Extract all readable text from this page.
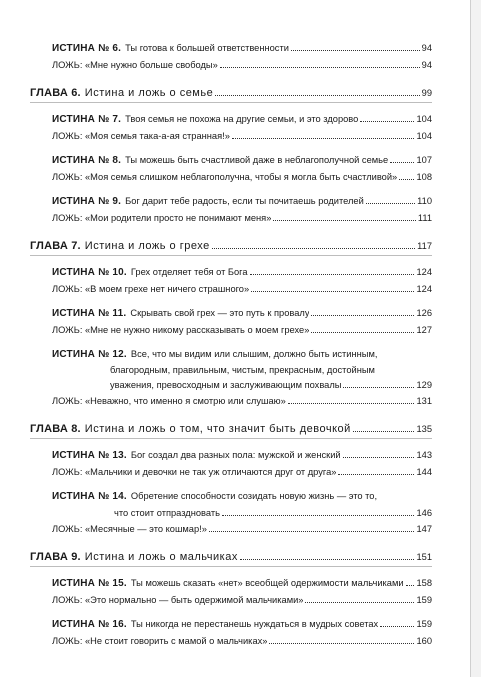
ИСТИНА № 6. Ты готова к большей ответственности	94
ЛОЖЬ:
«Мне нужно больше свободы»	94
ГЛАВА 6. Истина и ложь о семье	99
ИСТИНА № 7. Твоя семья не похожа на другие семьи, и это здорово	104
ЛОЖЬ:
«Моя семья така-а-ая странная!»	104
ИСТИНА № 8. Ты можешь быть счастливой даже в неблагополучной семье	107
ЛОЖЬ:
«Моя семья слишком неблагополучна, чтобы я могла быть счастливой» 108
ИСТИНА № 9. Бог дарит тебе радость, если ты почитаешь родителей	110
ЛОЖЬ:
«Мои родители просто не понимают меня»	111
ГЛАВА 7. Истина и ложь о грехе	117
ИСТИНА № 10. Грех отделяет тебя от Бога	124
ЛОЖЬ:
«В моем грехе нет ничего страшного»	124
ИСТИНА № 11. Скрывать свой грех — это путь к провалу	126
ЛОЖЬ:
«Мне не нужно никому рассказывать о моем грехе»	127
ИСТИНА № 12. Все, что мы видим или слышим, должно быть истинным,
благородным, правильным, чистым, прекрасным, достойным
уважения, превосходным и заслуживающим похвалы	129
ЛОЖЬ:
«Неважно, что именно я смотрю или слушаю»	131
ГЛАВА 8. Истина и ложь о том, что значит быть девочкой	135
ИСТИНА № 13. Бог создал два разных пола: мужской и женский	143
ЛОЖЬ:
«Мальчики и девочки не так уж отличаются друг от друга»	144
ИСТИНА № 14. Обретение способности созидать новую жизнь — это то,
что стоит отпраздновать	146
ЛОЖЬ:
«Месячные — это кошмар!»	147
ГЛАВА 9. Истина и ложь о мальчиках	151
ИСТИНА № 15. Ты можешь сказать «нет» всеобщей одержимости мальчиками 158
ЛОЖЬ:
«Это нормально — быть одержимой мальчиками»	159
ИСТИНА № 16. Ты никогда не перестанешь нуждаться в мудрых советах	159
ЛОЖЬ:
«Не стоит говорить с мамой о мальчиках»	160
